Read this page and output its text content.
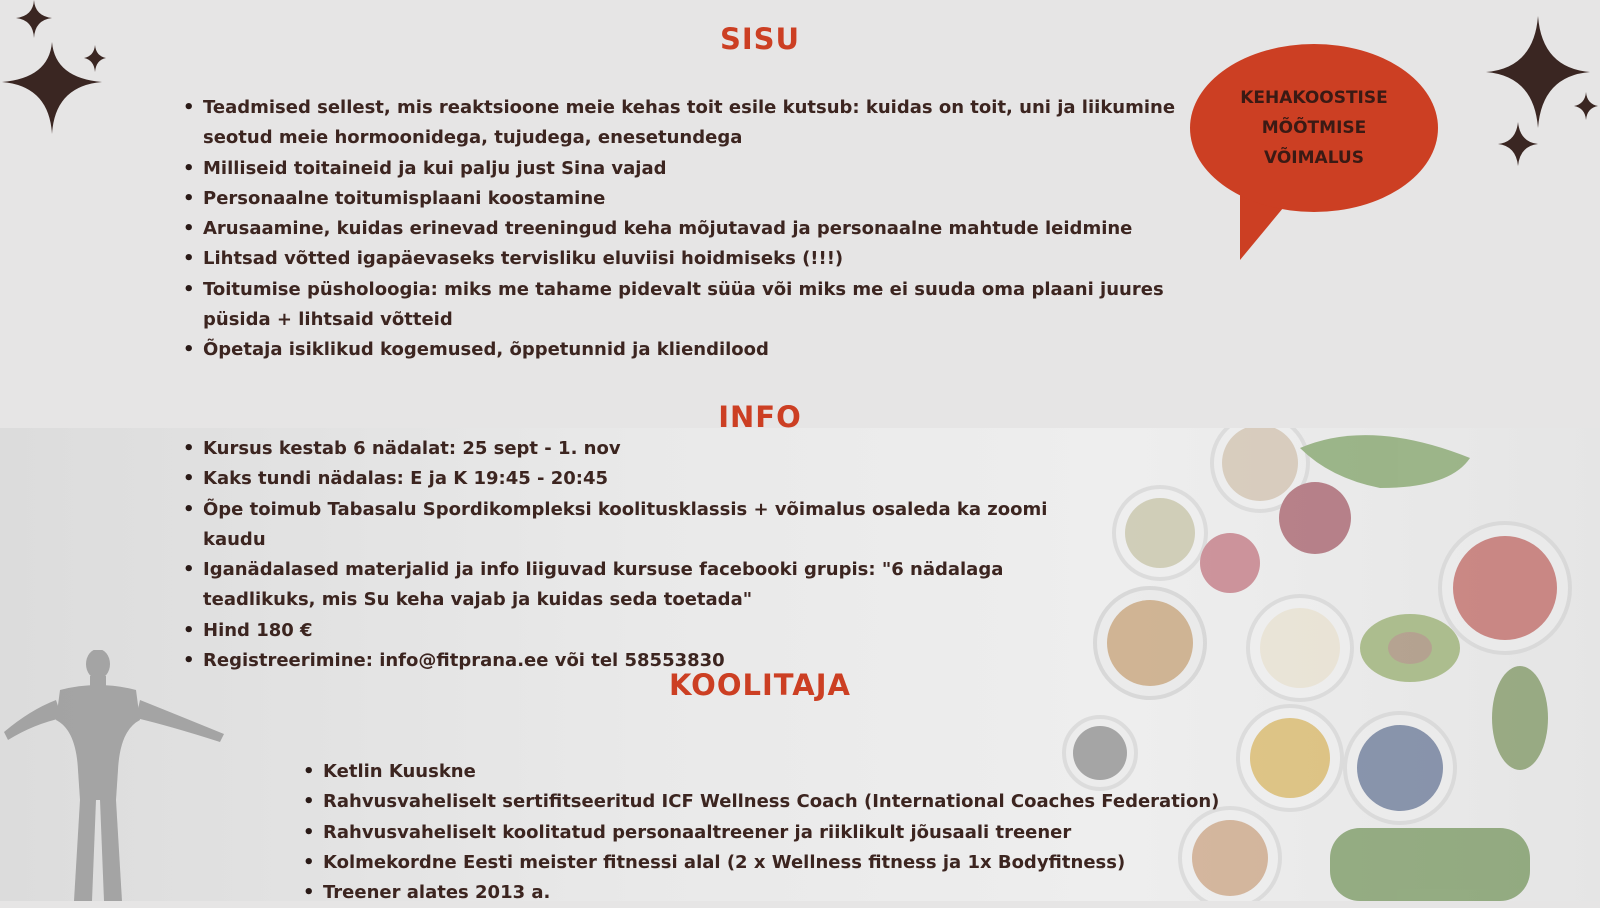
SISU
• Teadmised sellest, mis reaktsioone meie kehas toit esile kutsub: kuidas on toit, uni ja liikumine seotud meie hormoonidega, tujudega, enesetundega
• Milliseid toitaineid ja kui palju just Sina vajad
• Personaalne toitumisplaani koostamine
• Arusaamine, kuidas erinevad treeningud keha mõjutavad ja personaalne mahtude leidmine
• Lihtsad võtted igapäevaseks tervisliku eluviisi hoidmiseks (!!!)
• Toitumise püsholoogia: miks me tahame pidevalt süüa või miks me ei suuda oma plaani juures püsida + lihtsaid võtteid
• Õpetaja isiklikud kogemused, õppetunnid ja kliendilood
KEHAKOOSTISE
MÕÕTMISE
VÕIMALUS
INFO
• Kursus kestab 6 nädalat: 25 sept - 1. nov
• Kaks tundi nädalas: E ja K 19:45 - 20:45
• Õpe toimub Tabasalu Spordikompleksi koolitusklassis + võimalus osaleda ka zoomi kaudu
• Iganädalased materjalid ja info liiguvad kursuse facebooki grupis: "6 nädalaga teadlikuks, mis Su keha vajab ja kuidas seda toetada"
• Hind 180 €
• Registreerimine: info@fitprana.ee või tel 58553830
KOOLITAJA
• Ketlin Kuuskne
• Rahvusvaheliselt sertifitseeritud ICF Wellness Coach (International Coaches Federation)
• Rahvusvaheliselt koolitatud personaaltreener ja riiklikult jõusaali treener
• Kolmekordne Eesti meister fitnessi alal (2 x Wellness fitness ja 1x Bodyfitness)
• Treener alates 2013 a.
